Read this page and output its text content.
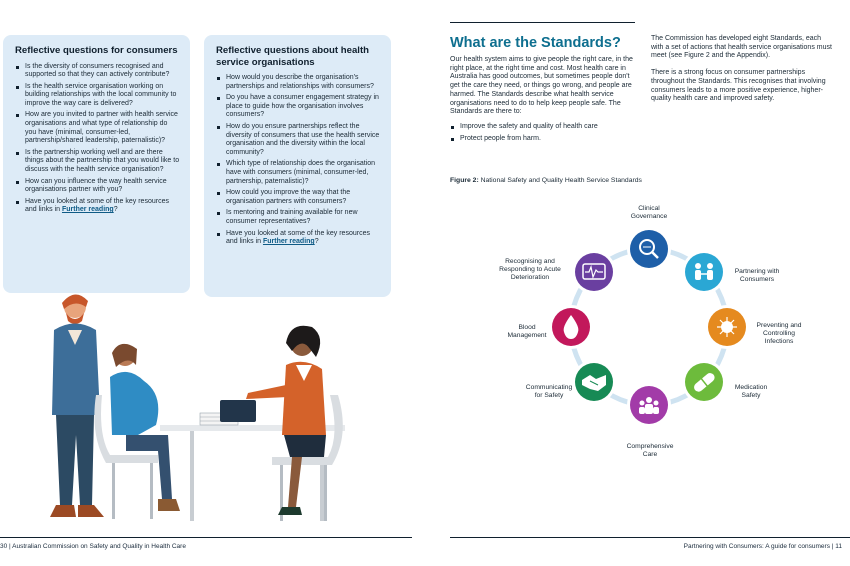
Reflective questions for consumers
Is the diversity of consumers recognised and supported so that they can actively contribute?
Is the health service organisation working on building relationships with the local community to improve the way care is delivered?
How are you invited to partner with health service organisations and what type of relationship do you have (minimal, consumer-led, partnership/shared leadership, paternalistic)?
Is the partnership working well and are there things about the partnership that you would like to discuss with the health service organisation?
How can you influence the way health service organisations partner with you?
Have you looked at some of the key resources and links in Further reading?
Reflective questions about health service organisations
How would you describe the organisation's partnerships and relationships with consumers?
Do you have a consumer engagement strategy in place to guide how the organisation involves consumers?
How do you ensure partnerships reflect the diversity of consumers that use the health service organisation and the diversity within the local community?
Which type of relationship does the organisation have with consumers (minimal, consumer-led, partnership, paternalistic)?
How could you improve the way that the organisation partners with consumers?
Is mentoring and training available for new consumer representatives?
Have you looked at some of the key resources and links in Further reading?
30 | Australian Commission on Safety and Quality in Health Care
What are the Standards?

Our health system aims to give people the right care, in the right place, at the right time and cost. Most health care in Australia has good outcomes, but sometimes people don't get the care they need, or things go wrong, and people are harmed. The Standards describe what health service organisations need to do to help keep people safe. The Standards are there to:

Improve the safety and quality of health care
Protect people from harm.

The Commission has developed eight Standards, each with a set of actions that health service organisations must meet (see Figure 2 and the Appendix).

There is a strong focus on consumer partnerships throughout the Standards. This recognises that involving consumers leads to a more positive experience, higher-quality health care and improved safety.

Figure 2: National Safety and Quality Health Service Standards
Clinical Governance
Partnering with Consumers
Preventing and Controlling Infections
Medication Safety
Comprehensive Care
Communicating for Safety
Blood Management
Recognising and Responding to Acute Deterioration
Partnering with Consumers: A guide for consumers | 11
